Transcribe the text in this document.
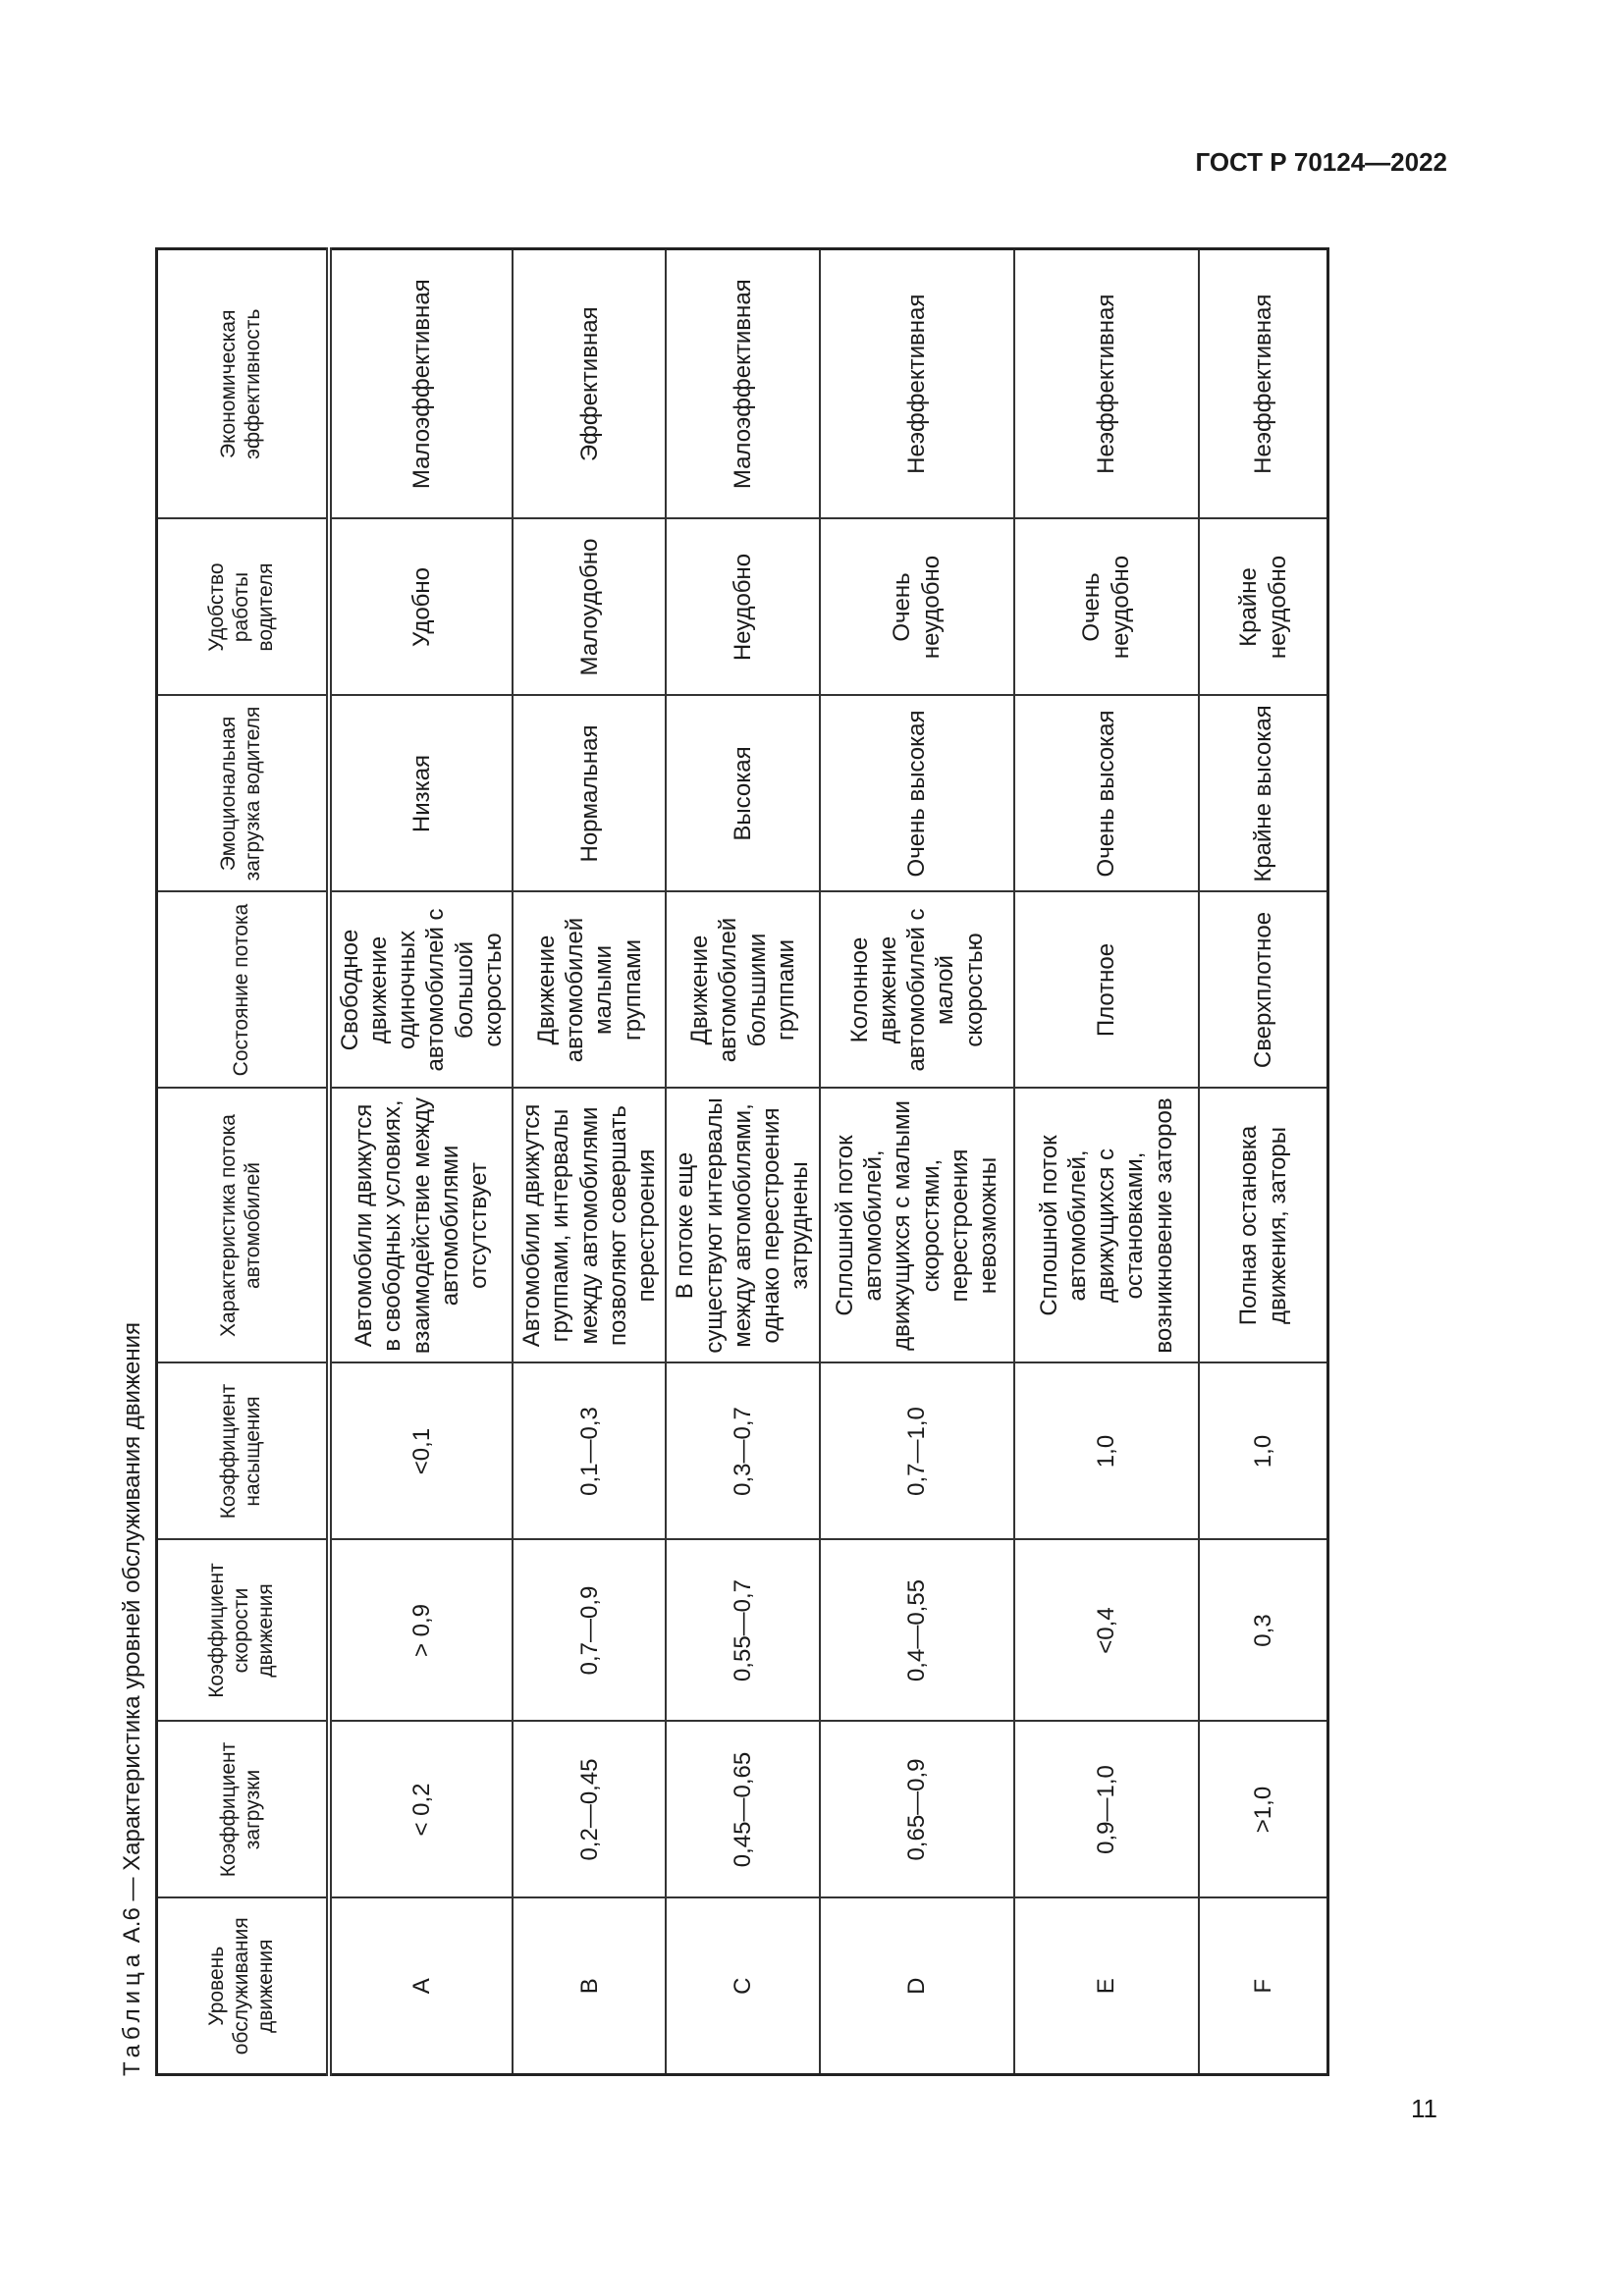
ГОСТ Р 70124—2022
Таблица А.6 — Характеристика уровней обслуживания движения
Уровень обслуживания движения	Коэффициент загрузки	Коэффициент скорости движения	Коэффициент насыщения	Характеристика потока автомобилей	Состояние потока	Эмоциональная загрузка водителя	Удобство работы водителя	Экономическая эффективность
A	< 0,2	> 0,9	<0,1	Автомобили движутся в свободных условиях, взаимодействие между автомобилями отсутствует	Свободное движение одиночных автомобилей с большой скоростью	Низкая	Удобно	Малоэффективная
B	0,2—0,45	0,7—0,9	0,1—0,3	Автомобили движутся группами, интервалы между автомобилями позволяют совершать перестроения	Движение автомобилей малыми группами	Нормальная	Малоудобно	Эффективная
C	0,45—0,65	0,55—0,7	0,3—0,7	В потоке еще существуют интервалы между автомобилями, однако перестроения затруднены	Движение автомобилей большими группами	Высокая	Неудобно	Малоэффективная
D	0,65—0,9	0,4—0,55	0,7—1,0	Сплошной поток автомобилей, движущихся с малыми скоростями, перестроения невозможны	Колонное движение автомобилей с малой скоростью	Очень высокая	Очень неудобно	Неэффективная
E	0,9—1,0	<0,4	1,0	Сплошной поток автомобилей, движущихся с остановками, возникновение заторов	Плотное	Очень высокая	Очень неудобно	Неэффективная
F	>1,0	0,3	1,0	Полная остановка движения, заторы	Сверхплотное	Крайне высокая	Крайне неудобно	Неэффективная
11
